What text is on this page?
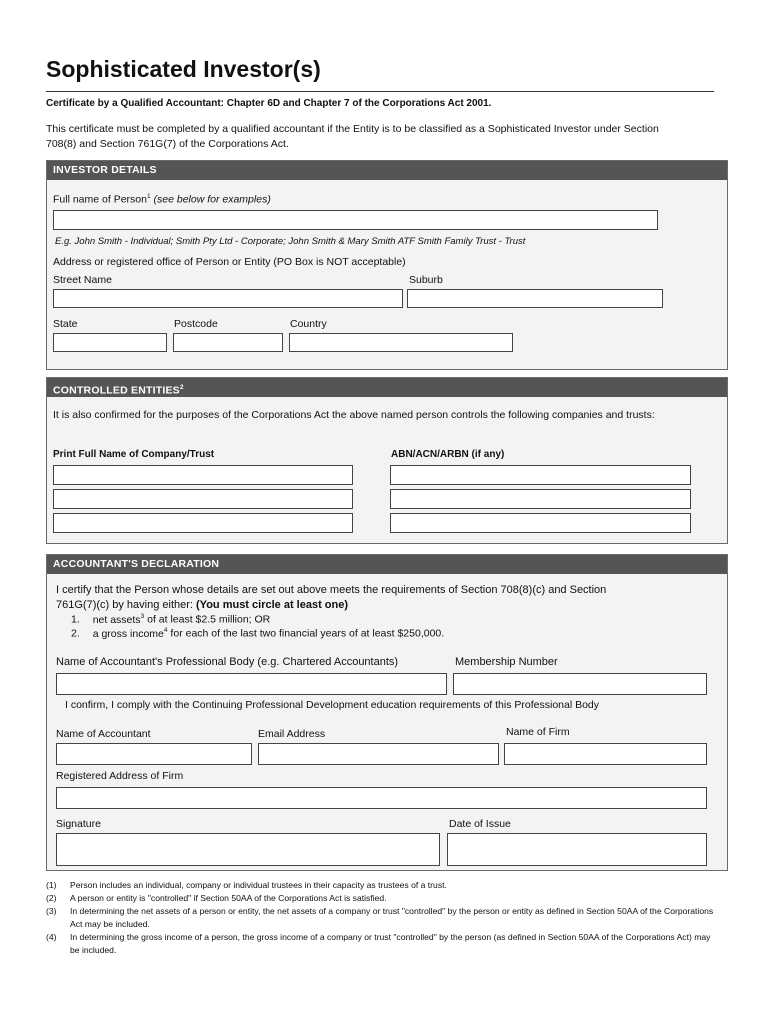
Sophisticated Investor(s)
Certificate by a Qualified Accountant: Chapter 6D and Chapter 7 of the Corporations Act 2001.
This certificate must be completed by a qualified accountant if the Entity is to be classified as a Sophisticated Investor under Section 708(8) and Section 761G(7) of the Corporations Act.
INVESTOR DETAILS
Full name of Person$^1$ (see below for examples)
E.g. John Smith - Individual; Smith Pty Ltd - Corporate; John Smith & Mary Smith ATF Smith Family Trust - Trust
Address or registered office of Person or Entity (PO Box is NOT acceptable)
Street Name	Suburb
State	Postcode	Country
CONTROLLED ENTITIES$^2$
It is also confirmed for the purposes of the Corporations Act the above named person controls the following companies and trusts:
Print Full Name of Company/Trust	ABN/ACN/ARBN (if any)
ACCOUNTANT'S DECLARATION
I certify that the Person whose details are set out above meets the requirements of Section 708(8)(c) and Section
761G(7)(c) by having either: (You must circle at least one)
1. net assets$^3$ of at least $2.5 million; OR
2. a gross income$^4$ for each of the last two financial years of at least $250,000.
Name of Accountant's Professional Body (e.g. Chartered Accountants)	Membership Number
I confirm, I comply with the Continuing Professional Development education requirements of this Professional Body
Name of Accountant	Email Address	Name of Firm
Registered Address of Firm
Signature	Date of Issue
(1) Person includes an individual, company or individual trustees in their capacity as trustees of a trust.
(2) A person or entity is "controlled" if Section 50AA of the Corporations Act is satisfied.
(3) In determining the net assets of a person or entity, the net assets of a company or trust "controlled" by the person or entity as defined in Section 50AA of the Corporations Act may be included.
(4) In determining the gross income of a person, the gross income of a company or trust "controlled" by the person (as defined in Section 50AA of the Corporations Act) may be included.
